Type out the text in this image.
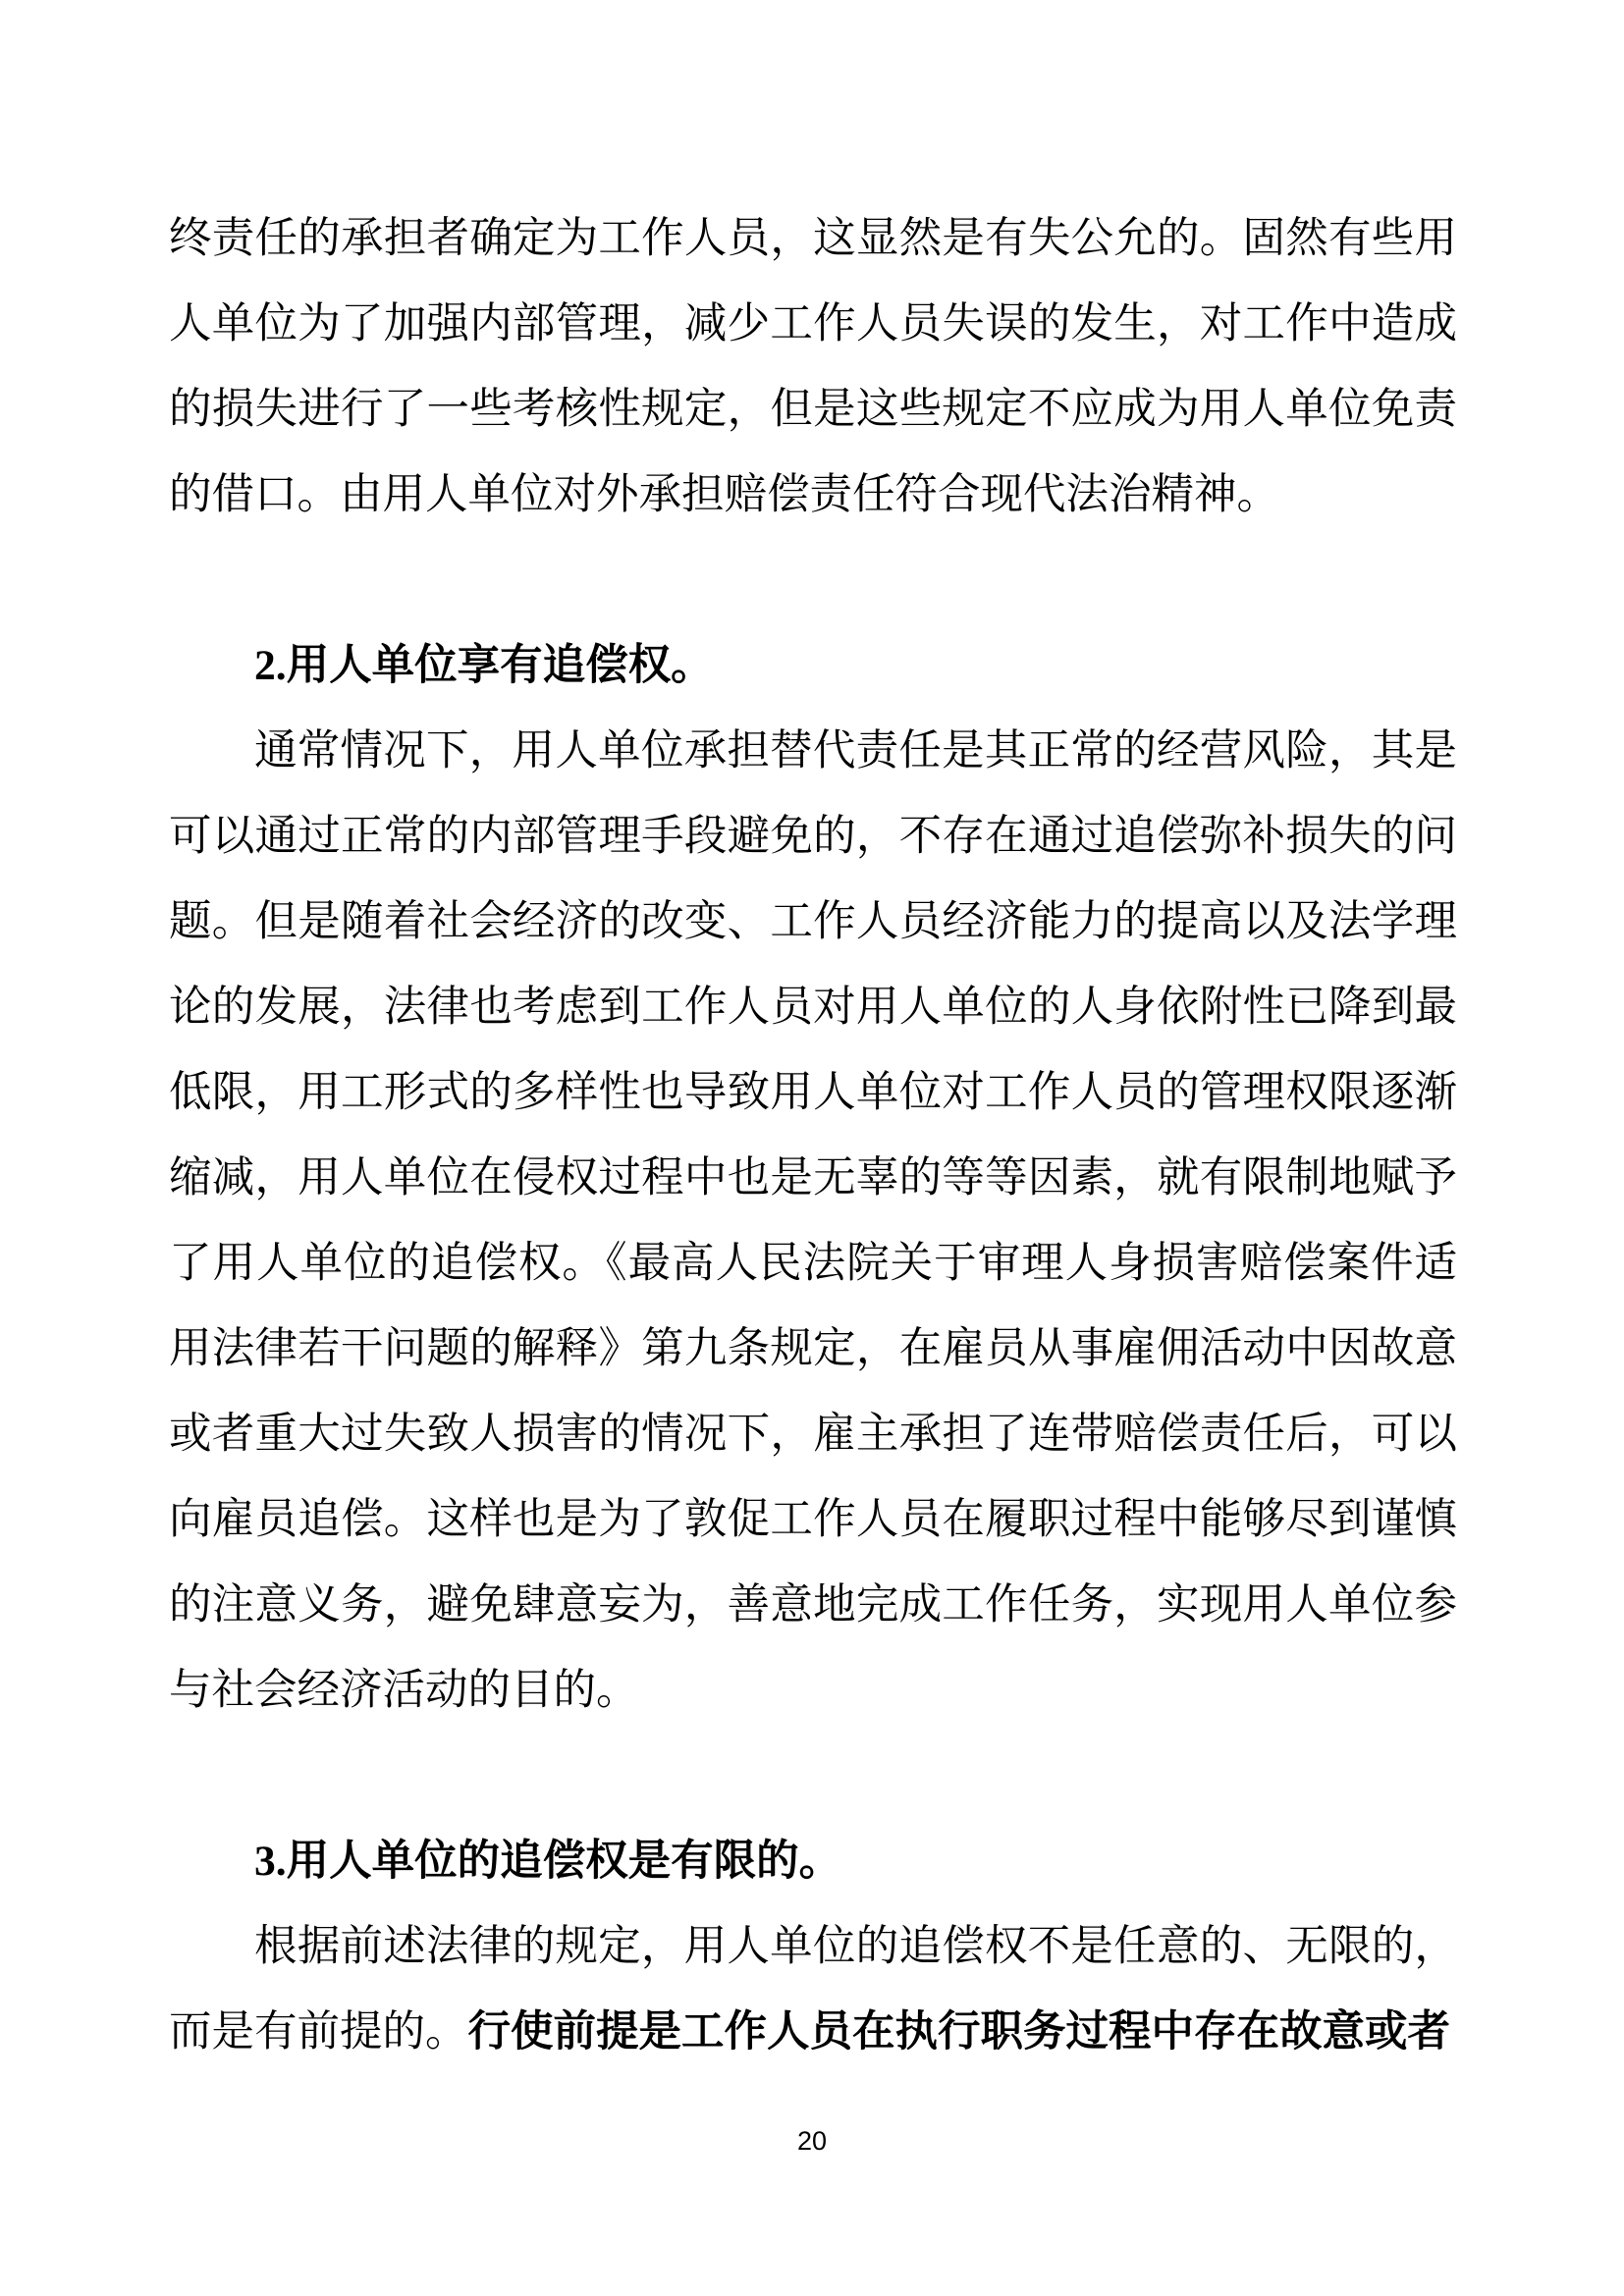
终责任的承担者确定为工作人员，这显然是有失公允的。固然有些用人单位为了加强内部管理，减少工作人员失误的发生，对工作中造成的损失进行了一些考核性规定，但是这些规定不应成为用人单位免责的借口。由用人单位对外承担赔偿责任符合现代法治精神。

2.用人单位享有追偿权。

通常情况下，用人单位承担替代责任是其正常的经营风险，其是可以通过正常的内部管理手段避免的，不存在通过追偿弥补损失的问题。但是随着社会经济的改变、工作人员经济能力的提高以及法学理论的发展，法律也考虑到工作人员对用人单位的人身依附性已降到最低限，用工形式的多样性也导致用人单位对工作人员的管理权限逐渐缩减，用人单位在侵权过程中也是无辜的等等因素，就有限制地赋予了用人单位的追偿权。《最高人民法院关于审理人身损害赔偿案件适用法律若干问题的解释》第九条规定，在雇员从事雇佣活动中因故意或者重大过失致人损害的情况下，雇主承担了连带赔偿责任后，可以向雇员追偿。这样也是为了敦促工作人员在履职过程中能够尽到谨慎的注意义务，避免肆意妄为，善意地完成工作任务，实现用人单位参与社会经济活动的目的。

3.用人单位的追偿权是有限的。

根据前述法律的规定，用人单位的追偿权不是任意的、无限的，而是有前提的。行使前提是工作人员在执行职务过程中存在故意或者

20
